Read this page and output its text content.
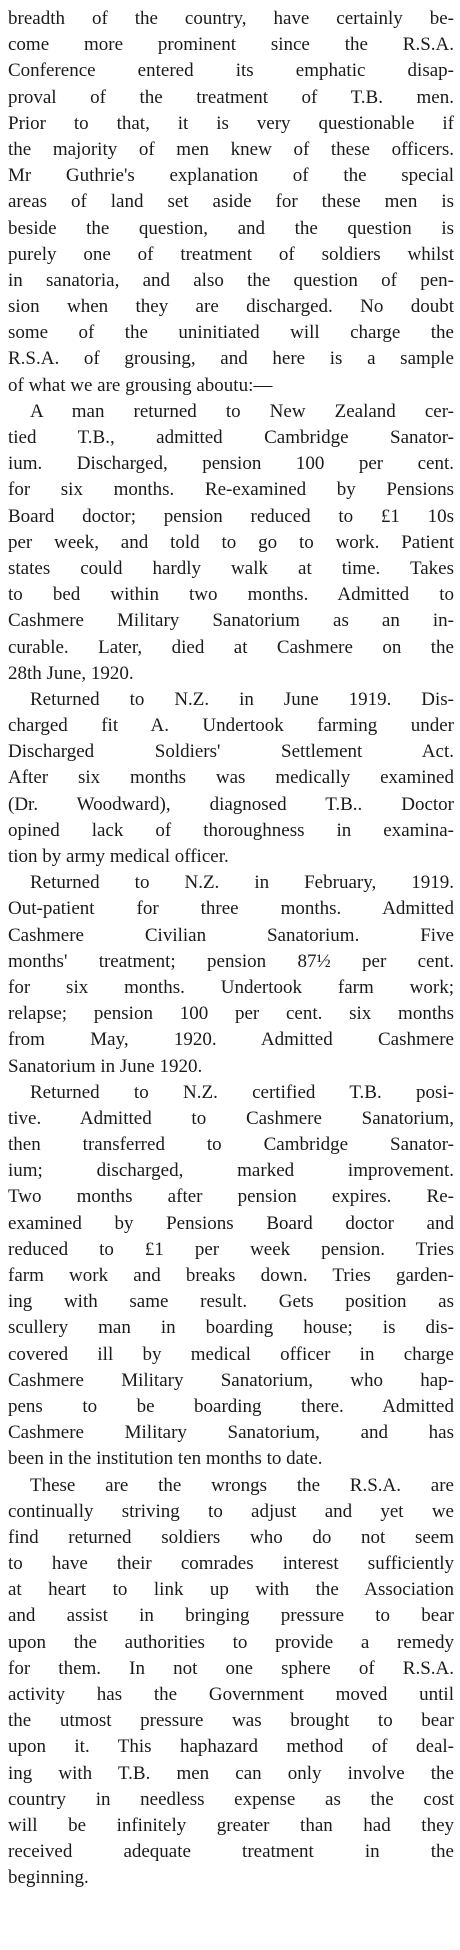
breadth of the country, have certainly be-
come more prominent since the R.S.A.
Conference entered its emphatic disap-
proval of the treatment of T.B. men.
Prior to that, it is very questionable if
the majority of men knew of these officers.
Mr Guthrie's explanation of the special
areas of land set aside for these men is
beside the question, and the question is
purely one of treatment of soldiers whilst
in sanatoria, and also the question of pen-
sion when they are discharged. No doubt
some of the uninitiated will charge the
R.S.A. of grousing, and here is a sample
of what we are grousing aboutu:—
A man returned to New Zealand cer-
tied T.B., admitted Cambridge Sanator-
ium. Discharged, pension 100 per cent.
for six months. Re-examined by Pensions
Board doctor; pension reduced to £1 10s
per week, and told to go to work. Patient
states could hardly walk at time. Takes
to bed within two months. Admitted to
Cashmere Military Sanatorium as an in-
curable. Later, died at Cashmere on the
28th June, 1920.
Returned to N.Z. in June 1919. Dis-
charged fit A. Undertook farming under
Discharged Soldiers' Settlement Act.
After six months was medically examined
(Dr. Woodward), diagnosed T.B.. Doctor
opined lack of thoroughness in examina-
tion by army medical officer.
Returned to N.Z. in February, 1919.
Out-patient for three months. Admitted
Cashmere Civilian Sanatorium. Five
months' treatment; pension 87½ per cent.
for six months. Undertook farm work;
relapse; pension 100 per cent. six months
from May, 1920. Admitted Cashmere
Sanatorium in June 1920.
Returned to N.Z. certified T.B. posi-
tive. Admitted to Cashmere Sanatorium,
then transferred to Cambridge Sanator-
ium; discharged, marked improvement.
Two months after pension expires. Re-
examined by Pensions Board doctor and
reduced to £1 per week pension. Tries
farm work and breaks down. Tries garden-
ing with same result. Gets position as
scullery man in boarding house; is dis-
covered ill by medical officer in charge
Cashmere Military Sanatorium, who hap-
pens to be boarding there. Admitted
Cashmere Military Sanatorium, and has
been in the institution ten months to date.
These are the wrongs the R.S.A. are
continually striving to adjust and yet we
find returned soldiers who do not seem
to have their comrades interest sufficiently
at heart to link up with the Association
and assist in bringing pressure to bear
upon the authorities to provide a remedy
for them. In not one sphere of R.S.A.
activity has the Government moved until
the utmost pressure was brought to bear
upon it. This haphazard method of deal-
ing with T.B. men can only involve the
country in needless expense as the cost
will be infinitely greater than had they
received adequate treatment in the
beginning.
